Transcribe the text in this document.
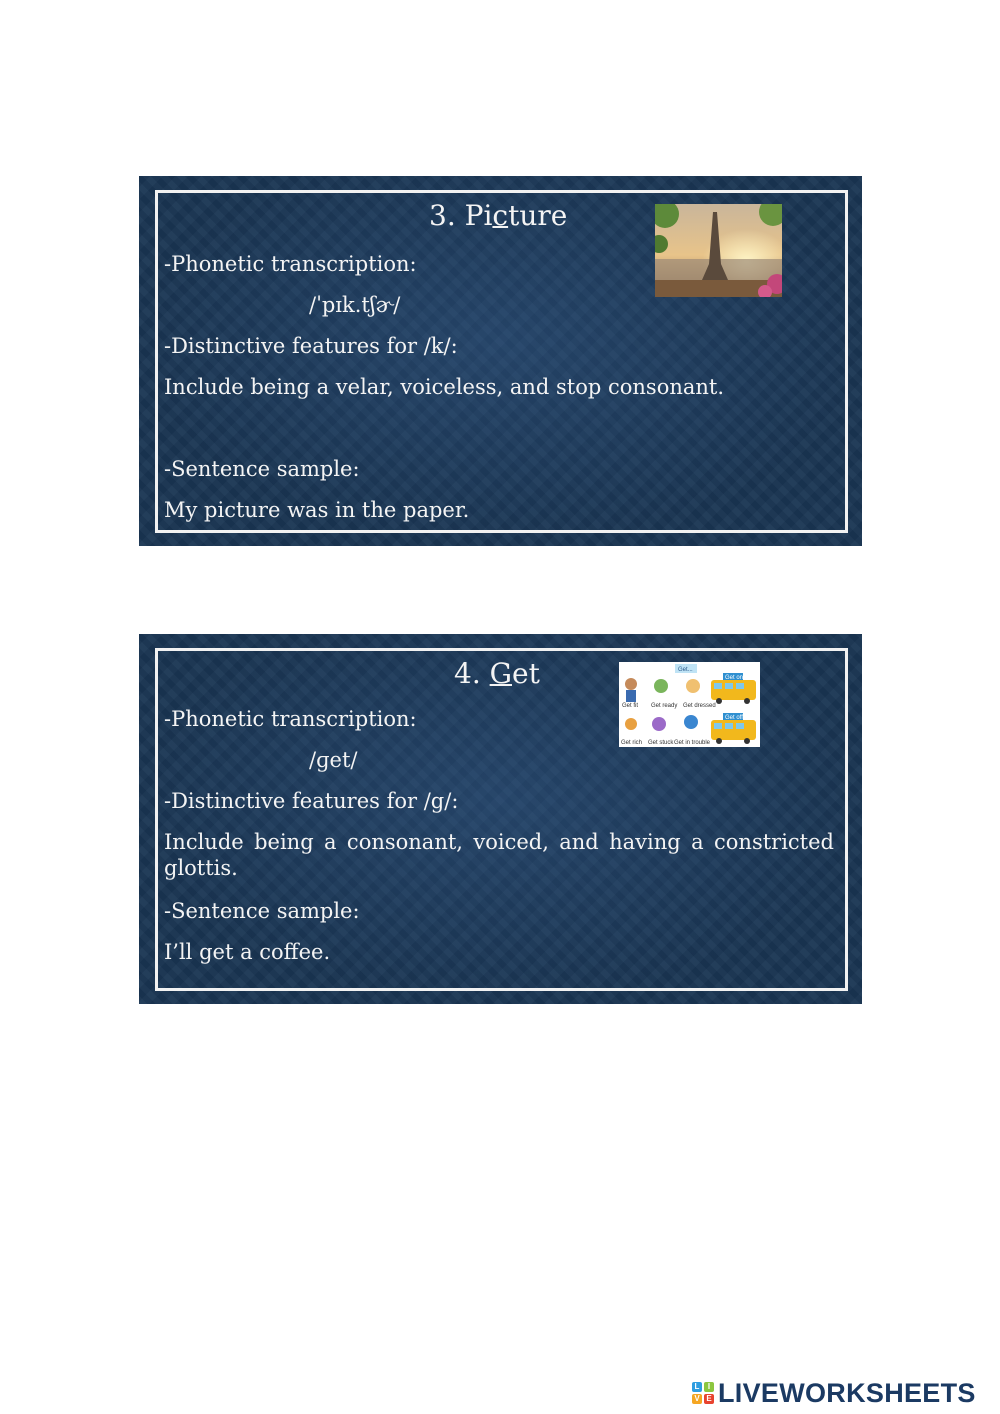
3. Picture
-Phonetic transcription:
/ˈpɪk.tʃɚ/
-Distinctive features for /k/:
Include being a velar, voiceless, and stop consonant.
-Sentence sample:
My picture was in the paper.
4. Get
-Phonetic transcription:
/ɡet/
-Distinctive features for /g/:
Include being a consonant, voiced, and having a constricted glottis.
-Sentence sample:
I’ll get a coffee.
Get...
Get on
Get fit Get ready Get dressed
Get off
Get rich Get stuck Get in trouble
L	I
V E LIVEWORKSHEETS
